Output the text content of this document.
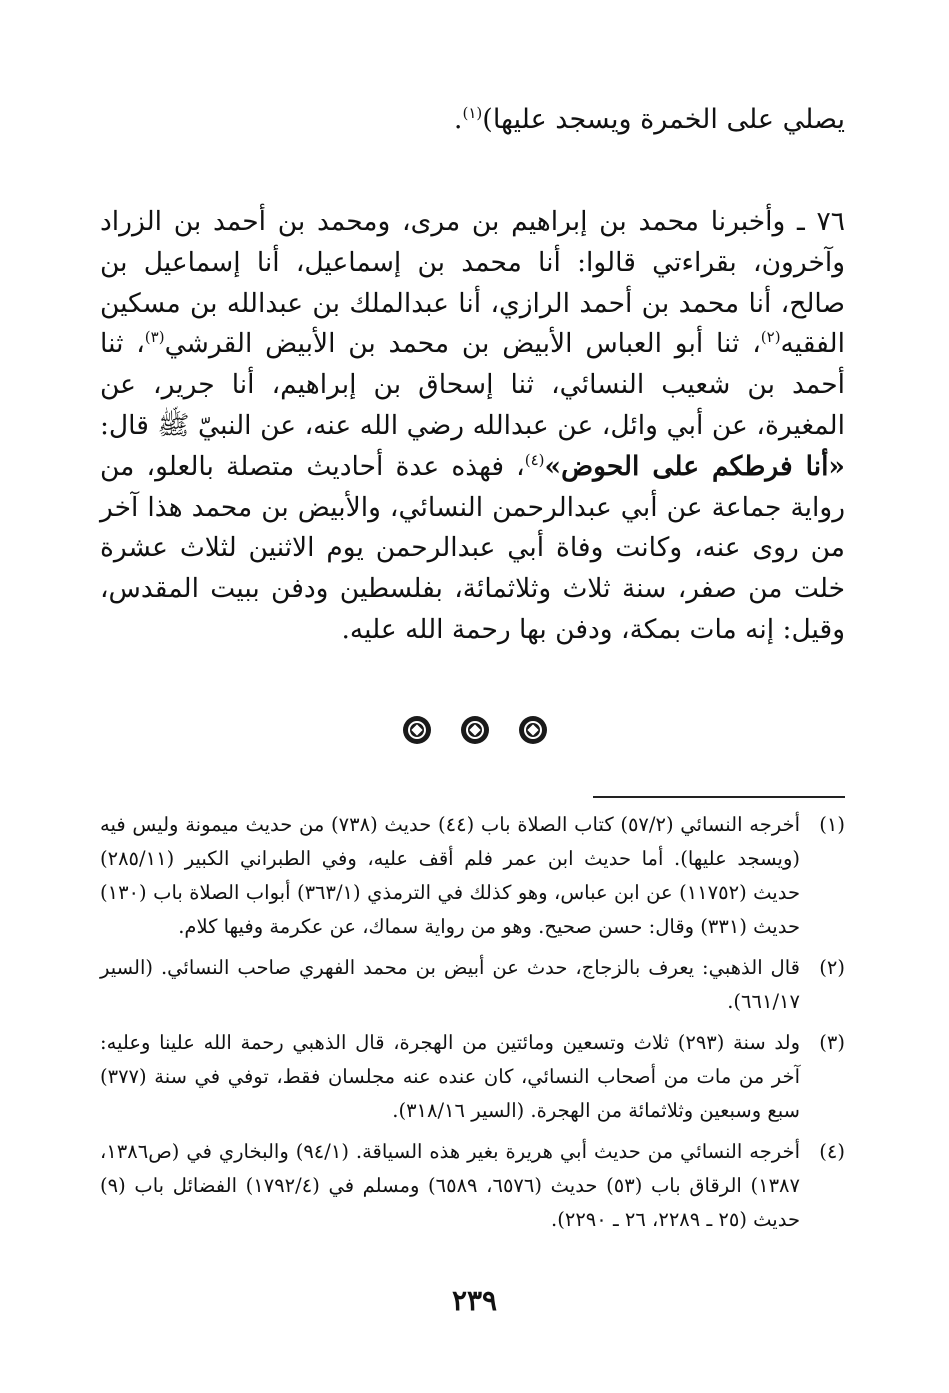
يصلي على الخمرة ويسجد عليها)$^{(١)}$.

٧٦ ـ وأخبرنا محمد بن إبراهيم بن مرى، ومحمد بن أحمد بن الزراد وآخرون، بقراءتي قالوا: أنا محمد بن إسماعيل، أنا إسماعيل بن صالح، أنا محمد بن أحمد الرازي، أنا عبدالملك بن عبدالله بن مسكين الفقيه$^{(٢)}$، ثنا أبو العباس الأبيض بن محمد بن الأبيض القرشي$^{(٣)}$، ثنا أحمد بن شعيب النسائي، ثنا إسحاق بن إبراهيم، أنا جرير، عن المغيرة، عن أبي وائل، عن عبدالله رضي الله عنه، عن النبيّ ﷺ قال: «أنا فرطكم على الحوض»$^{(٤)}$، فهذه عدة أحاديث متصلة بالعلو، من رواية جماعة عن أبي عبدالرحمن النسائي، والأبيض بن محمد هذا آخر من روى عنه، وكانت وفاة أبي عبدالرحمن يوم الاثنين لثلاث عشرة خلت من صفر، سنة ثلاث وثلاثمائة، بفلسطين ودفن ببيت المقدس، وقيل: إنه مات بمكة، ودفن بها رحمة الله عليه.

(١)
أخرجه النسائي (٥٧/٢) كتاب الصلاة باب (٤٤) حديث (٧٣٨) من حديث ميمونة وليس فيه (ويسجد عليها). أما حديث ابن عمر فلم أقف عليه، وفي الطبراني الكبير (٢٨٥/١١) حديث (١١٧٥٢) عن ابن عباس، وهو كذلك في الترمذي (٣٦٣/١) أبواب الصلاة باب (١٣٠) حديث (٣٣١) وقال: حسن صحيح. وهو من رواية سماك، عن عكرمة وفيها كلام.
(٢)
قال الذهبي: يعرف بالزجاج، حدث عن أبيض بن محمد الفهري صاحب النسائي. (السير ٦٦١/١٧).
(٣)
ولد سنة (٢٩٣) ثلاث وتسعين ومائتين من الهجرة، قال الذهبي رحمة الله علينا وعليه: آخر من مات من أصحاب النسائي، كان عنده عنه مجلسان فقط، توفي في سنة (٣٧٧) سبع وسبعين وثلاثمائة من الهجرة. (السير ٣١٨/١٦).
(٤)
أخرجه النسائي من حديث أبي هريرة بغير هذه السياقة. (٩٤/١) والبخاري في (ص١٣٨٦، ١٣٨٧) الرقاق باب (٥٣) حديث (٦٥٧٦، ٦٥٨٩) ومسلم في (١٧٩٢/٤) الفضائل باب (٩) حديث (٢٥ ـ ٢٢٨٩، ٢٦ ـ ٢٢٩٠).
٢٣٩
